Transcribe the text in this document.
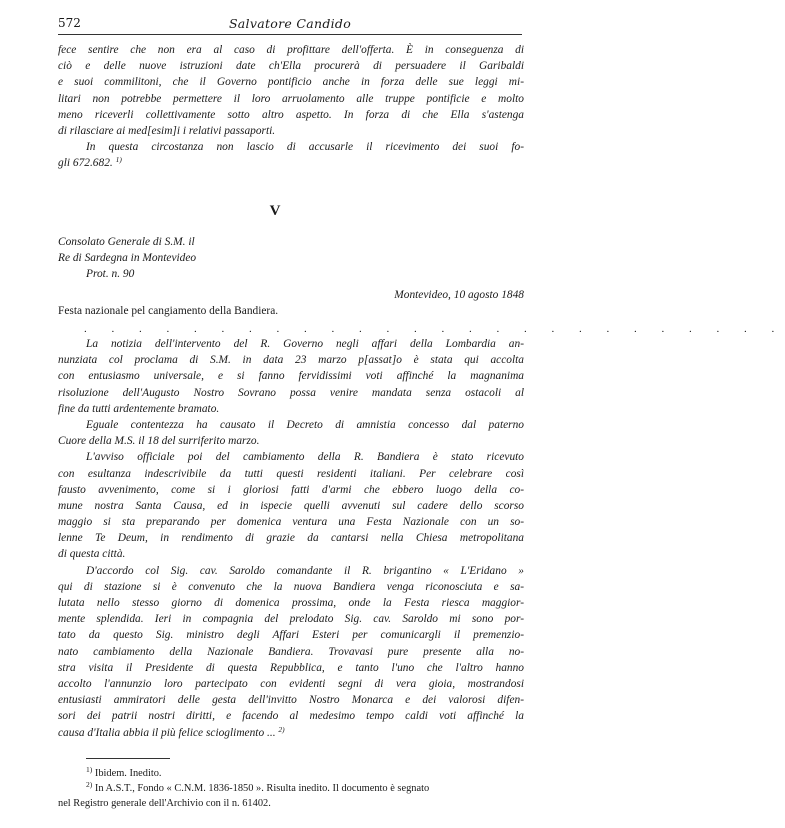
572	Salvatore Candido
fece sentire che non era al caso di profittare dell'offerta. È in conseguenza di
ciò e delle nuove istruzioni date ch'Ella procurerà di persuadere il Garibaldi
e suoi commilitoni, che il Governo pontificio anche in forza delle sue leggi mi-
litari non potrebbe permettere il loro arruolamento alle truppe pontificie e molto
meno riceverli collettivamente sotto altro aspetto. In forza di che Ella s'astenga
di rilasciare ai med[esim]i i relativi passaporti.
In questa circostanza non lascio di accusarle il ricevimento dei suoi fo-
gli 672.682. $^{1)}$
V
Consolato Generale di S.M. il
Re di Sardegna in Montevideo
Prot. n. 90
Montevideo, 10 agosto 1848
Festa nazionale pel cangiamento della Bandiera.
. . . . . . . . . . . . . . . . . . . . . . . . . .
La notizia dell'intervento del R. Governo negli affari della Lombardia an-
nunziata col proclama di S.M. in data 23 marzo p[assat]o è stata qui accolta
con entusiasmo universale, e si fanno fervidissimi voti affinché la magnanima
risoluzione dell'Augusto Nostro Sovrano possa venire mandata senza ostacoli al
fine da tutti ardentemente bramato.
Eguale contentezza ha causato il Decreto di amnistia concesso dal paterno
Cuore della M.S. il 18 del surriferito marzo.
L'avviso officiale poi del cambiamento della R. Bandiera è stato ricevuto
con esultanza indescrivibile da tutti questi residenti italiani. Per celebrare così
fausto avvenimento, come si i gloriosi fatti d'armi che ebbero luogo della co-
mune nostra Santa Causa, ed in ispecie quelli avvenuti sul cadere dello scorso
maggio si sta preparando per domenica ventura una Festa Nazionale con un so-
lenne Te Deum, in rendimento di grazie da cantarsi nella Chiesa metropolitana
di questa città.
D'accordo col Sig. cav. Saroldo comandante il R. brigantino « L'Eridano »
qui di stazione si è convenuto che la nuova Bandiera venga riconosciuta e sa-
lutata nello stesso giorno di domenica prossima, onde la Festa riesca maggior-
mente splendida. Ieri in compagnia del prelodato Sig. cav. Saroldo mi sono por-
tato da questo Sig. ministro degli Affari Esteri per comunicargli il premenzio-
nato cambiamento della Nazionale Bandiera. Trovavasi pure presente alla no-
stra visita il Presidente di questa Repubblica, e tanto l'uno che l'altro hanno
accolto l'annunzio loro partecipato con evidenti segni di vera gioia, mostrandosi
entusiasti ammiratori delle gesta dell'invitto Nostro Monarca e dei valorosi difen-
sori dei patrii nostri diritti, e facendo al medesimo tempo caldi voti affinché la
causa d'Italia abbia il più felice scioglimento ... $^{2)}$
$^{1)}$ Ibidem. Inedito.
$^{2)}$ In A.S.T., Fondo « C.N.M. 1836-1850 ». Risulta inedito. Il documento è segnato
nel Registro generale dell'Archivio con il n. 61402.
